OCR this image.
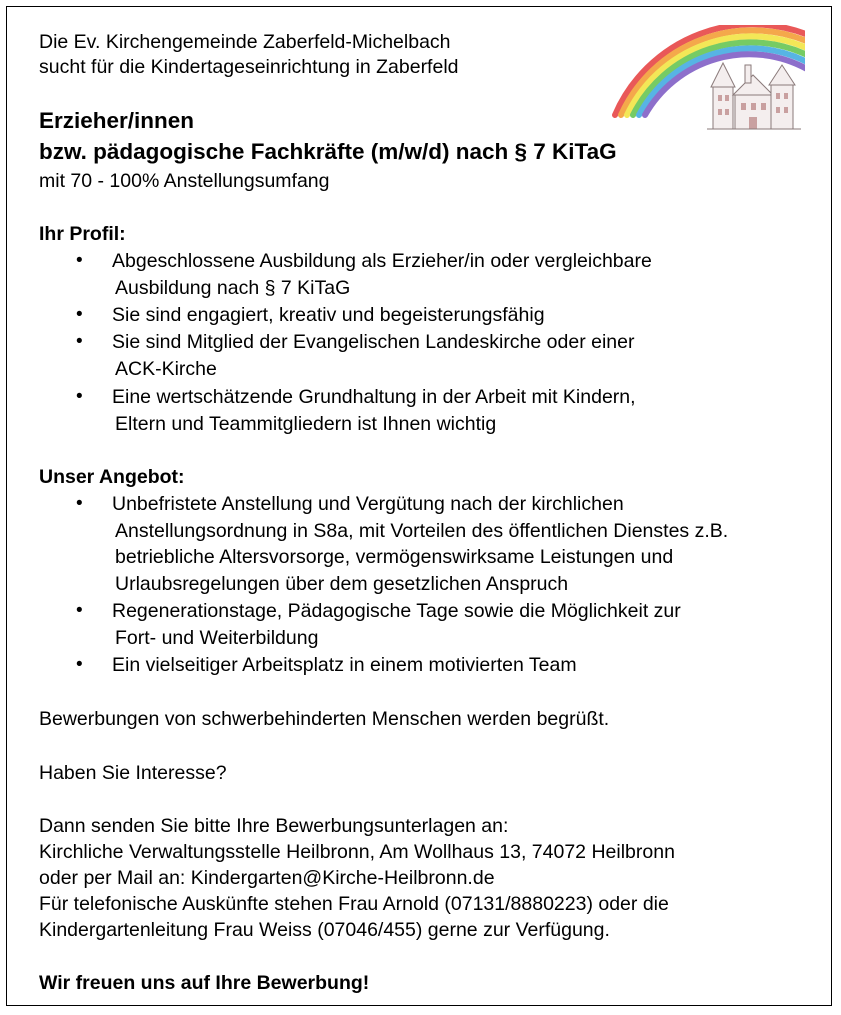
Die Ev. Kirchengemeinde Zaberfeld-Michelbach
sucht für die Kindertageseinrichtung in Zaberfeld
Erzieher/innen
bzw. pädagogische Fachkräfte (m/w/d) nach § 7 KiTaG
mit 70 - 100% Anstellungsumfang
Ihr Profil:
• Abgeschlossene Ausbildung als Erzieher/in oder vergleichbare
Ausbildung nach § 7 KiTaG
• Sie sind engagiert, kreativ und begeisterungsfähig
• Sie sind Mitglied der Evangelischen Landeskirche oder einer
ACK-Kirche
• Eine wertschätzende Grundhaltung in der Arbeit mit Kindern,
Eltern und Teammitgliedern ist Ihnen wichtig
Unser Angebot:
• Unbefristete Anstellung und Vergütung nach der kirchlichen
Anstellungsordnung in S8a, mit Vorteilen des öffentlichen Dienstes z.B.
betriebliche Altersvorsorge, vermögenswirksame Leistungen und
Urlaubsregelungen über dem gesetzlichen Anspruch
• Regenerationstage, Pädagogische Tage sowie die Möglichkeit zur
Fort- und Weiterbildung
• Ein vielseitiger Arbeitsplatz in einem motivierten Team
Bewerbungen von schwerbehinderten Menschen werden begrüßt.
Haben Sie Interesse?
Dann senden Sie bitte Ihre Bewerbungsunterlagen an:
Kirchliche Verwaltungsstelle Heilbronn, Am Wollhaus 13, 74072 Heilbronn
oder per Mail an: Kindergarten@Kirche-Heilbronn.de
Für telefonische Auskünfte stehen Frau Arnold (07131/8880223) oder die
Kindergartenleitung Frau Weiss (07046/455) gerne zur Verfügung.
Wir freuen uns auf Ihre Bewerbung!
